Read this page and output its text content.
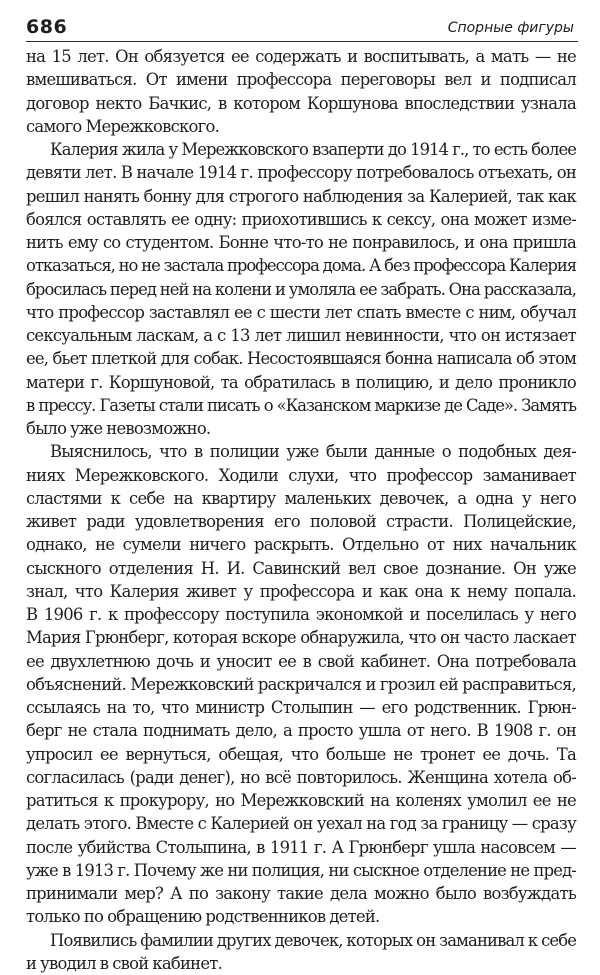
686	Спорные фигуры
на 15 лет. Он обязуется ее содержать и воспитывать, а мать — не
вмешиваться. От имени профессора переговоры вел и подписал
договор некто Бачкис, в котором Коршунова впоследствии узнала
самого Мережковского.
Калерия жила у Мережковского взаперти до 1914 г., то есть более
девяти лет. В начале 1914 г. профессору потребовалось отъехать, он
решил нанять бонну для строгого наблюдения за Калерией, так как
боялся оставлять ее одну: приохотившись к сексу, она может изме-
нить ему со студентом. Бонне что-то не понравилось, и она пришла
отказаться, но не застала профессора дома. А без профессора Калерия
бросилась перед ней на колени и умоляла ее забрать. Она рассказала,
что профессор заставлял ее с шести лет спать вместе с ним, обучал
сексуальным ласкам, а с 13 лет лишил невинности, что он истязает
ее, бьет плеткой для собак. Несостоявшаяся бонна написала об этом
матери г. Коршуновой, та обратилась в полицию, и дело проникло
в прессу. Газеты стали писать о «Казанском маркизе де Саде». Замять
было уже невозможно.
Выяснилось, что в полиции уже были данные о подобных дея-
ниях Мережковского. Ходили слухи, что профессор заманивает
сластями к себе на квартиру маленьких девочек, а одна у него
живет ради удовлетворения его половой страсти. Полицейские,
однако, не сумели ничего раскрыть. Отдельно от них начальник
сыскного отделения Н. И. Савинский вел свое дознание. Он уже
знал, что Калерия живет у профессора и как она к нему попала.
В 1906 г. к профессору поступила экономкой и поселилась у него
Мария Грюнберг, которая вскоре обнаружила, что он часто ласкает
ее двухлетнюю дочь и уносит ее в свой кабинет. Она потребовала
объяснений. Мережковский раскричался и грозил ей расправиться,
ссылаясь на то, что министр Столыпин — его родственник. Грюн-
берг не стала поднимать дело, а просто ушла от него. В 1908 г. он
упросил ее вернуться, обещая, что больше не тронет ее дочь. Та
согласилась (ради денег), но всё повторилось. Женщина хотела об-
ратиться к прокурору, но Мережковский на коленях умолил ее не
делать этого. Вместе с Калерией он уехал на год за границу — сразу
после убийства Столыпина, в 1911 г. А Грюнберг ушла насовсем —
уже в 1913 г. Почему же ни полиция, ни сыскное отделение не пред-
принимали мер? А по закону такие дела можно было возбуждать
только по обращению родственников детей.
Появились фамилии других девочек, которых он заманивал к себе
и уводил в свой кабинет.
